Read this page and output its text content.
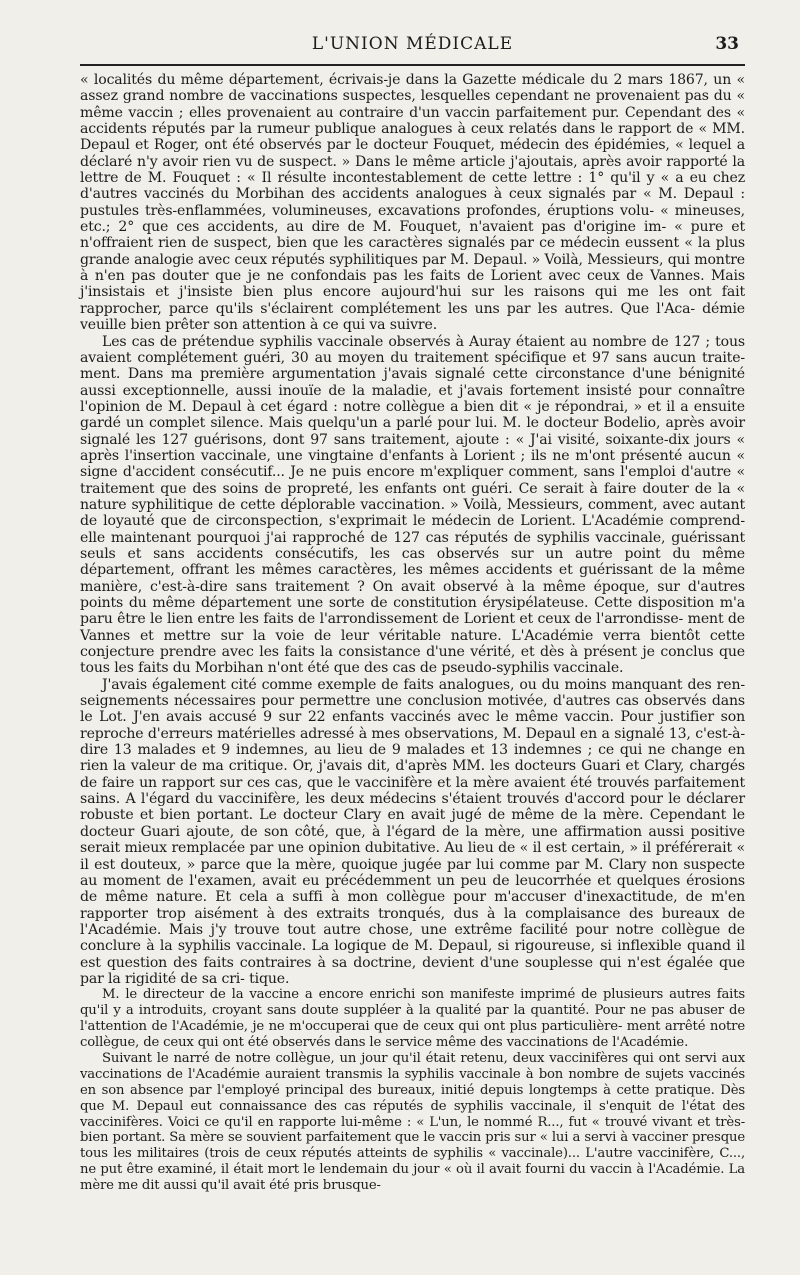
L'UNION MÉDICALE	33

« localités du même département, écrivais-je dans la Gazette médicale du 2 mars 1867, un « assez grand nombre de vaccinations suspectes, lesquelles cependant ne provenaient pas du « même vaccin ; elles provenaient au contraire d'un vaccin parfaitement pur. Cependant des « accidents réputés par la rumeur publique analogues à ceux relatés dans le rapport de « MM. Depaul et Roger, ont été observés par le docteur Fouquet, médecin des épidémies, « lequel a déclaré n'y avoir rien vu de suspect. » Dans le même article j'ajoutais, après avoir rapporté la lettre de M. Fouquet : « Il résulte incontestablement de cette lettre : 1° qu'il y « a eu chez d'autres vaccinés du Morbihan des accidents analogues à ceux signalés par « M. Depaul : pustules très-enflammées, volumineuses, excavations profondes, éruptions volu- « mineuses, etc.; 2° que ces accidents, au dire de M. Fouquet, n'avaient pas d'origine im- « pure et n'offraient rien de suspect, bien que les caractères signalés par ce médecin eussent « la plus grande analogie avec ceux réputés syphilitiques par M. Depaul. » Voilà, Messieurs, qui montre à n'en pas douter que je ne confondais pas les faits de Lorient avec ceux de Vannes. Mais j'insistais et j'insiste bien plus encore aujourd'hui sur les raisons qui me les ont fait rapprocher, parce qu'ils s'éclairent complétement les uns par les autres. Que l'Aca- démie veuille bien prêter son attention à ce qui va suivre.

Les cas de prétendue syphilis vaccinale observés à Auray étaient au nombre de 127 ; tous avaient complétement guéri, 30 au moyen du traitement spécifique et 97 sans aucun traite- ment. Dans ma première argumentation j'avais signalé cette circonstance d'une bénignité aussi exceptionnelle, aussi inouïe de la maladie, et j'avais fortement insisté pour connaître l'opinion de M. Depaul à cet égard : notre collègue a bien dit « je répondrai, » et il a ensuite gardé un complet silence. Mais quelqu'un a parlé pour lui. M. le docteur Bodelio, après avoir signalé les 127 guérisons, dont 97 sans traitement, ajoute : « J'ai visité, soixante-dix jours « après l'insertion vaccinale, une vingtaine d'enfants à Lorient ; ils ne m'ont présenté aucun « signe d'accident consécutif... Je ne puis encore m'expliquer comment, sans l'emploi d'autre « traitement que des soins de propreté, les enfants ont guéri. Ce serait à faire douter de la « nature syphilitique de cette déplorable vaccination. » Voilà, Messieurs, comment, avec autant de loyauté que de circonspection, s'exprimait le médecin de Lorient. L'Académie comprend-elle maintenant pourquoi j'ai rapproché de 127 cas réputés de syphilis vaccinale, guérissant seuls et sans accidents consécutifs, les cas observés sur un autre point du même département, offrant les mêmes caractères, les mêmes accidents et guérissant de la même manière, c'est-à-dire sans traitement ? On avait observé à la même époque, sur d'autres points du même département une sorte de constitution érysipélateuse. Cette disposition m'a paru être le lien entre les faits de l'arrondissement de Lorient et ceux de l'arrondisse- ment de Vannes et mettre sur la voie de leur véritable nature. L'Académie verra bientôt cette conjecture prendre avec les faits la consistance d'une vérité, et dès à présent je conclus que tous les faits du Morbihan n'ont été que des cas de pseudo-syphilis vaccinale.

J'avais également cité comme exemple de faits analogues, ou du moins manquant des ren- seignements nécessaires pour permettre une conclusion motivée, d'autres cas observés dans le Lot. J'en avais accusé 9 sur 22 enfants vaccinés avec le même vaccin. Pour justifier son reproche d'erreurs matérielles adressé à mes observations, M. Depaul en a signalé 13, c'est-à- dire 13 malades et 9 indemnes, au lieu de 9 malades et 13 indemnes ; ce qui ne change en rien la valeur de ma critique. Or, j'avais dit, d'après MM. les docteurs Guari et Clary, chargés de faire un rapport sur ces cas, que le vaccinifère et la mère avaient été trouvés parfaitement sains. A l'égard du vaccinifère, les deux médecins s'étaient trouvés d'accord pour le déclarer robuste et bien portant. Le docteur Clary en avait jugé de même de la mère. Cependant le docteur Guari ajoute, de son côté, que, à l'égard de la mère, une affirmation aussi positive serait mieux remplacée par une opinion dubitative. Au lieu de « il est certain, » il préférerait « il est douteux, » parce que la mère, quoique jugée par lui comme par M. Clary non suspecte au moment de l'examen, avait eu précédemment un peu de leucorrhée et quelques érosions de même nature. Et cela a suffi à mon collègue pour m'accuser d'inexactitude, de m'en rapporter trop aisément à des extraits tronqués, dus à la complaisance des bureaux de l'Académie. Mais j'y trouve tout autre chose, une extrême facilité pour notre collègue de conclure à la syphilis vaccinale. La logique de M. Depaul, si rigoureuse, si inflexible quand il est question des faits contraires à sa doctrine, devient d'une souplesse qui n'est égalée que par la rigidité de sa cri- tique.

M. le directeur de la vaccine a encore enrichi son manifeste imprimé de plusieurs autres faits qu'il y a introduits, croyant sans doute suppléer à la qualité par la quantité. Pour ne pas abuser de l'attention de l'Académie, je ne m'occuperai que de ceux qui ont plus particulière- ment arrêté notre collègue, de ceux qui ont été observés dans le service même des vaccinations de l'Académie.

Suivant le narré de notre collègue, un jour qu'il était retenu, deux vaccinifères qui ont servi aux vaccinations de l'Académie auraient transmis la syphilis vaccinale à bon nombre de sujets vaccinés en son absence par l'employé principal des bureaux, initié depuis longtemps à cette pratique. Dès que M. Depaul eut connaissance des cas réputés de syphilis vaccinale, il s'enquit de l'état des vaccinifères. Voici ce qu'il en rapporte lui-même : « L'un, le nommé R..., fut « trouvé vivant et très-bien portant. Sa mère se souvient parfaitement que le vaccin pris sur « lui a servi à vacciner presque tous les militaires (trois de ceux réputés atteints de syphilis « vaccinale)... L'autre vaccinifère, C..., ne put être examiné, il était mort le lendemain du jour « où il avait fourni du vaccin à l'Académie. La mère me dit aussi qu'il avait été pris brusque-
